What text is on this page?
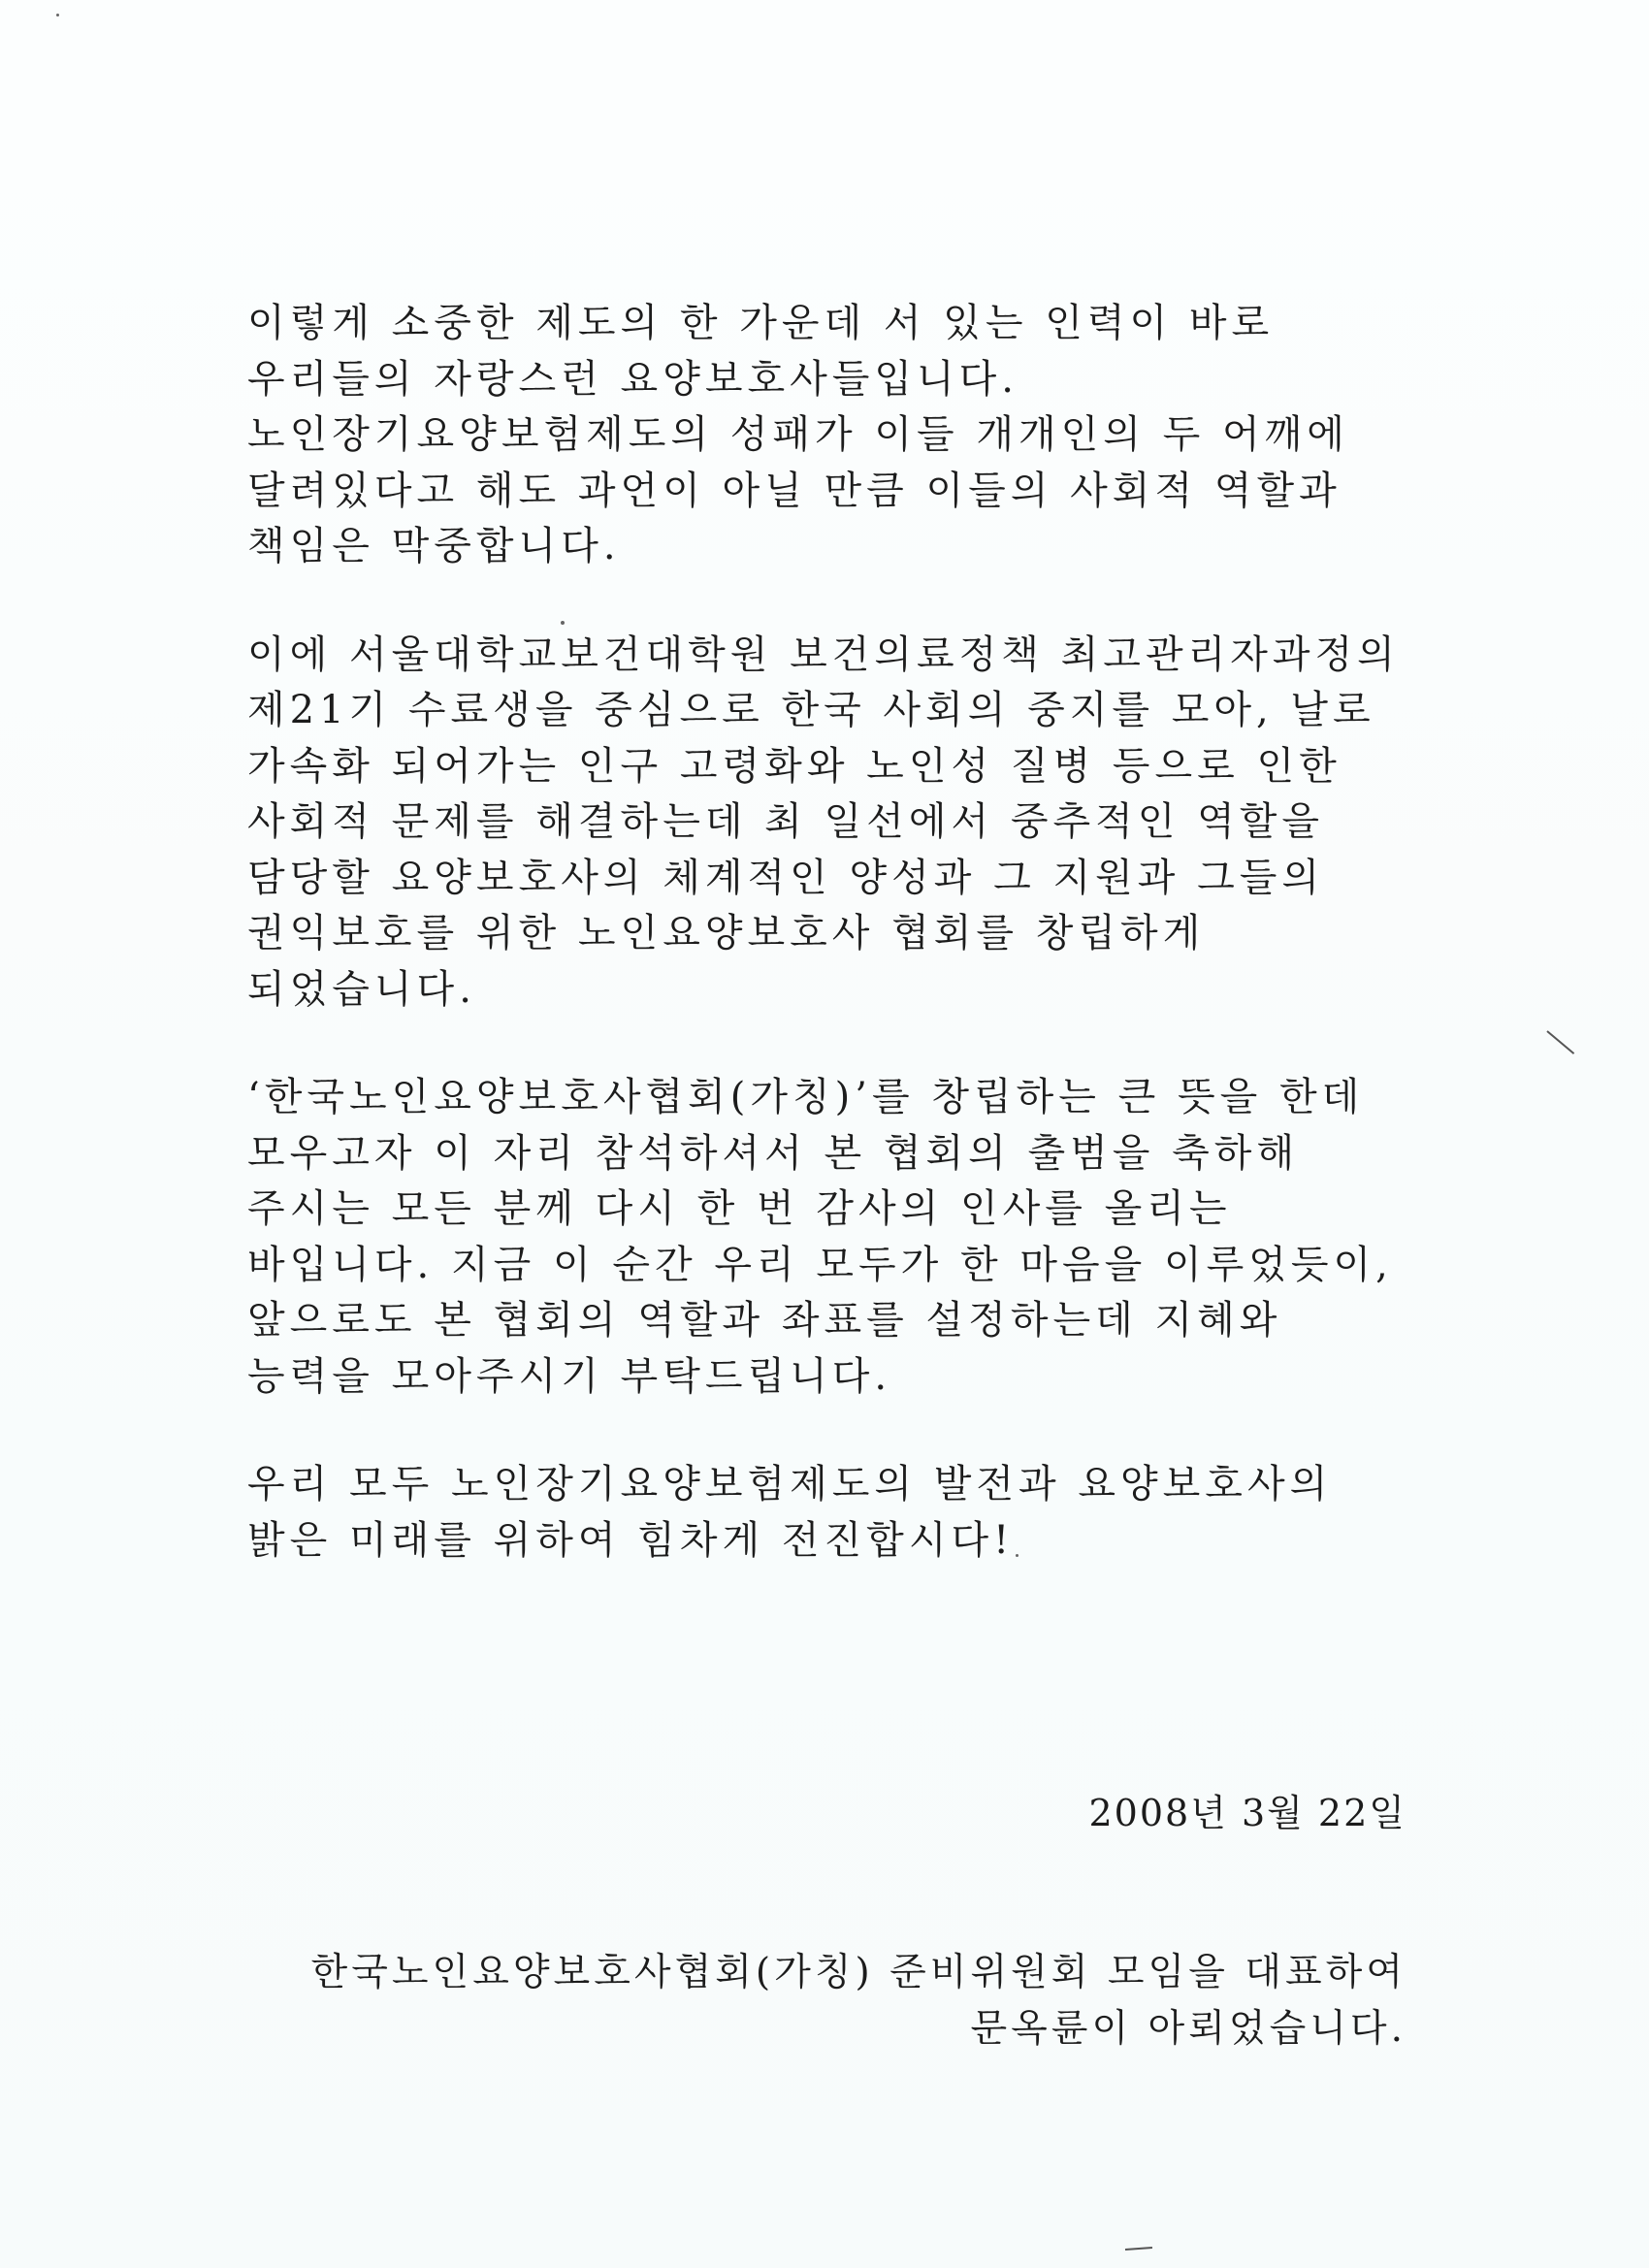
이렇게 소중한 제도의 한 가운데 서 있는 인력이 바로
우리들의 자랑스런 요양보호사들입니다.
노인장기요양보험제도의 성패가 이들 개개인의 두 어깨에
달려있다고 해도 과언이 아닐 만큼 이들의 사회적 역할과
책임은 막중합니다.
이에 서울대학교보건대학원 보건의료정책 최고관리자과정의
제21기 수료생을 중심으로 한국 사회의 중지를 모아, 날로
가속화 되어가는 인구 고령화와 노인성 질병 등으로 인한
사회적 문제를 해결하는데 최 일선에서 중추적인 역할을
담당할 요양보호사의 체계적인 양성과 그 지원과 그들의
권익보호를 위한 노인요양보호사 협회를 창립하게
되었습니다.
‘한국노인요양보호사협회(가칭)’를 창립하는 큰 뜻을 한데
모우고자 이 자리 참석하셔서 본 협회의 출범을 축하해
주시는 모든 분께 다시 한 번 감사의 인사를 올리는
바입니다. 지금 이 순간 우리 모두가 한 마음을 이루었듯이,
앞으로도 본 협회의 역할과 좌표를 설정하는데 지혜와
능력을 모아주시기 부탁드립니다.
우리 모두 노인장기요양보험제도의 발전과 요양보호사의
밝은 미래를 위하여 힘차게 전진합시다!
2008년 3월 22일
한국노인요양보호사협회(가칭) 준비위원회 모임을 대표하여
문옥륜이 아뢰었습니다.
